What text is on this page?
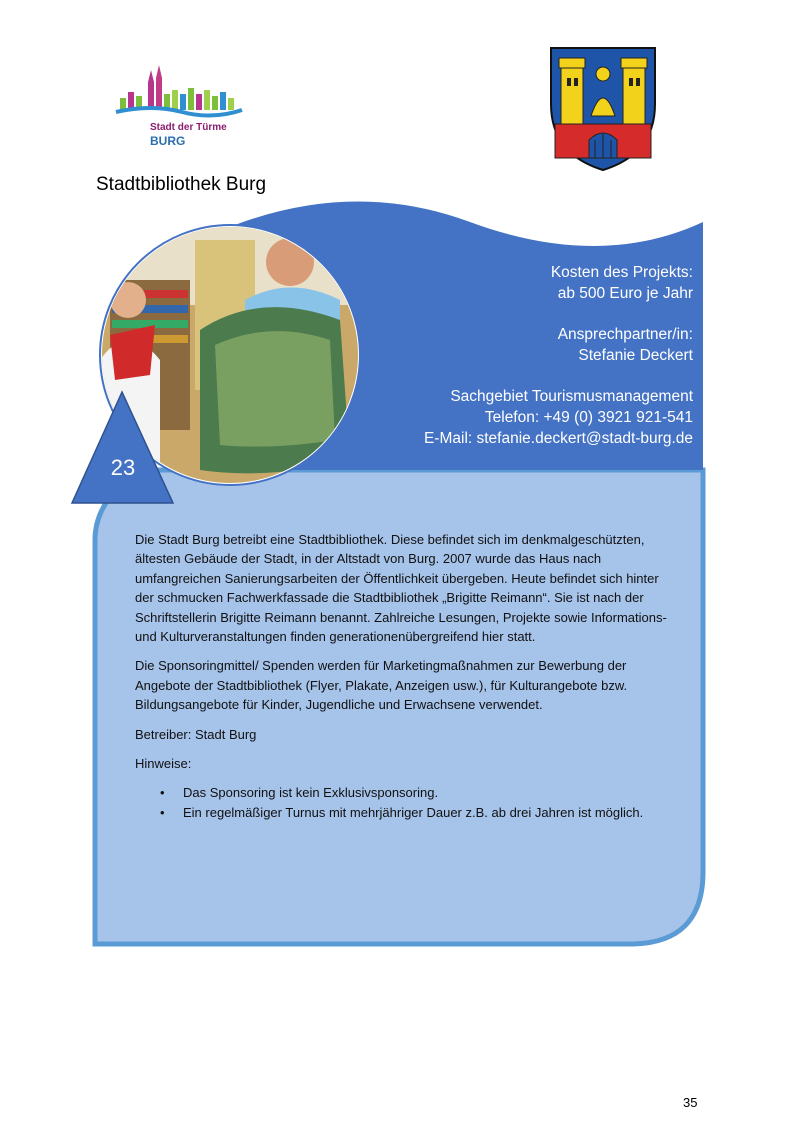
Stadt der Türme
BURG
Stadtbibliothek Burg

Kosten des Projekts:
ab 500 Euro je Jahr

Ansprechpartner/in:
Stefanie Deckert

Sachgebiet Tourismusmanagement
Telefon: +49 (0) 3921 921-541
E-Mail: stefanie.deckert@stadt-burg.de

23

Die Stadt Burg betreibt eine Stadtbibliothek. Diese befindet sich im denkmalgeschützten, ältesten Gebäude der Stadt, in der Altstadt von Burg. 2007 wurde das Haus nach umfangreichen Sanierungsarbeiten der Öffentlichkeit übergeben. Heute befindet sich hinter der schmucken Fachwerkfassade die Stadtbibliothek „Brigitte Reimann“. Sie ist nach der Schriftstellerin Brigitte Reimann benannt. Zahlreiche Lesungen, Projekte sowie Informations- und Kulturveranstaltungen finden generationenübergreifend hier statt.

Die Sponsoringmittel/ Spenden werden für Marketingmaßnahmen zur Bewerbung der Angebote der Stadtbibliothek (Flyer, Plakate, Anzeigen usw.), für Kulturangebote bzw. Bildungsangebote für Kinder, Jugendliche und Erwachsene verwendet.

Betreiber: Stadt Burg

Hinweise:

• Das Sponsoring ist kein Exklusivsponsoring.
• Ein regelmäßiger Turnus mit mehrjähriger Dauer z.B. ab drei Jahren ist möglich.
35
